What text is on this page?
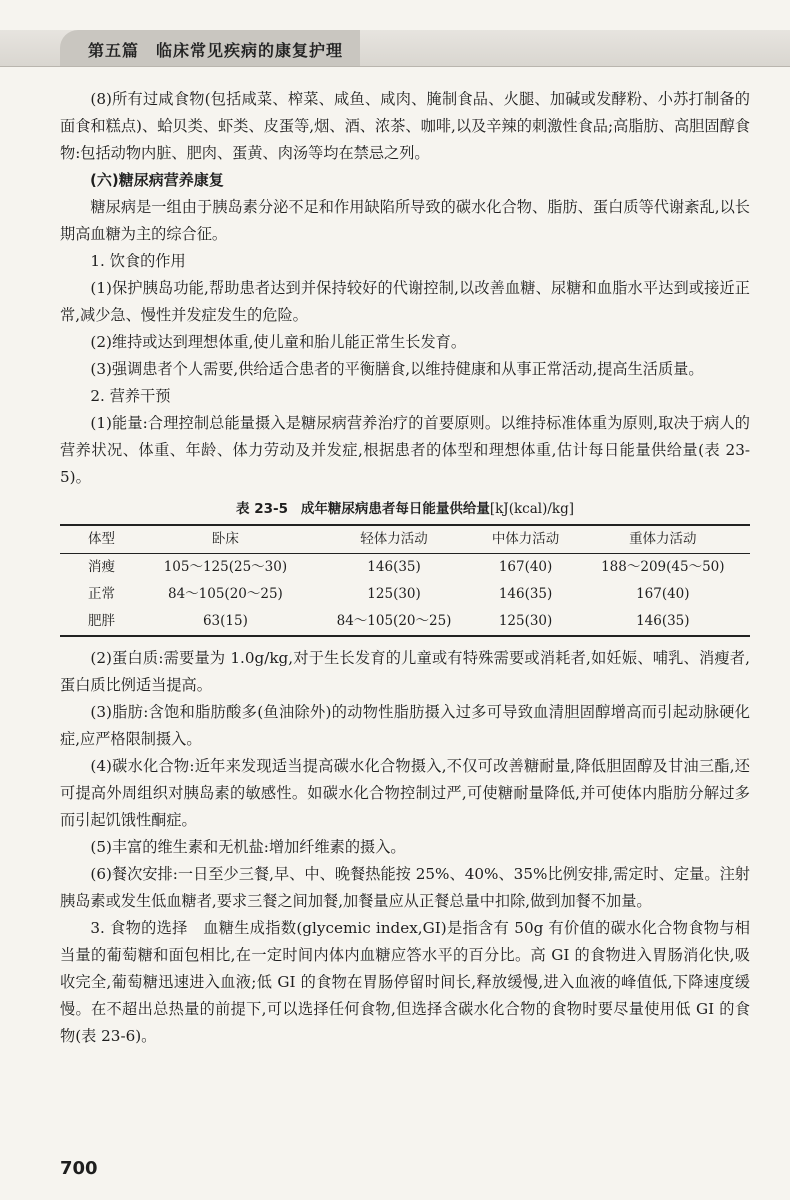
第五篇　临床常见疾病的康复护理

(8)所有过咸食物(包括咸菜、榨菜、咸鱼、咸肉、腌制食品、火腿、加碱或发酵粉、小苏打制备的面食和糕点)、蛤贝类、虾类、皮蛋等,烟、酒、浓茶、咖啡,以及辛辣的刺激性食品;高脂肪、高胆固醇食物:包括动物内脏、肥肉、蛋黄、肉汤等均在禁忌之列。

(六)糖尿病营养康复

糖尿病是一组由于胰岛素分泌不足和作用缺陷所导致的碳水化合物、脂肪、蛋白质等代谢紊乱,以长期高血糖为主的综合征。

1. 饮食的作用

(1)保护胰岛功能,帮助患者达到并保持较好的代谢控制,以改善血糖、尿糖和血脂水平达到或接近正常,减少急、慢性并发症发生的危险。

(2)维持或达到理想体重,使儿童和胎儿能正常生长发育。

(3)强调患者个人需要,供给适合患者的平衡膳食,以维持健康和从事正常活动,提高生活质量。

2. 营养干预

(1)能量:合理控制总能量摄入是糖尿病营养治疗的首要原则。以维持标准体重为原则,取决于病人的营养状况、体重、年龄、体力劳动及并发症,根据患者的体型和理想体重,估计每日能量供给量(表 23-5)。

表 23-5 成年糖尿病患者每日能量供给量[kJ(kcal)/kg]
体型	卧床	轻体力活动	中体力活动	重体力活动
消瘦	105～125(25～30)	146(35)	167(40)	188～209(45～50)
正常	84～105(20～25)	125(30)	146(35)	167(40)
肥胖	63(15)	84～105(20～25)	125(30)	146(35)

(2)蛋白质:需要量为 1.0g/kg,对于生长发育的儿童或有特殊需要或消耗者,如妊娠、哺乳、消瘦者,蛋白质比例适当提高。

(3)脂肪:含饱和脂肪酸多(鱼油除外)的动物性脂肪摄入过多可导致血清胆固醇增高而引起动脉硬化症,应严格限制摄入。

(4)碳水化合物:近年来发现适当提高碳水化合物摄入,不仅可改善糖耐量,降低胆固醇及甘油三酯,还可提高外周组织对胰岛素的敏感性。如碳水化合物控制过严,可使糖耐量降低,并可使体内脂肪分解过多而引起饥饿性酮症。

(5)丰富的维生素和无机盐:增加纤维素的摄入。

(6)餐次安排:一日至少三餐,早、中、晚餐热能按 25%、40%、35%比例安排,需定时、定量。注射胰岛素或发生低血糖者,要求三餐之间加餐,加餐量应从正餐总量中扣除,做到加餐不加量。

3. 食物的选择　血糖生成指数(glycemic index,GI)是指含有 50g 有价值的碳水化合物食物与相当量的葡萄糖和面包相比,在一定时间内体内血糖应答水平的百分比。高 GI 的食物进入胃肠消化快,吸收完全,葡萄糖迅速进入血液;低 GI 的食物在胃肠停留时间长,释放缓慢,进入血液的峰值低,下降速度缓慢。在不超出总热量的前提下,可以选择任何食物,但选择含碳水化合物的食物时要尽量使用低 GI 的食物(表 23-6)。

700
